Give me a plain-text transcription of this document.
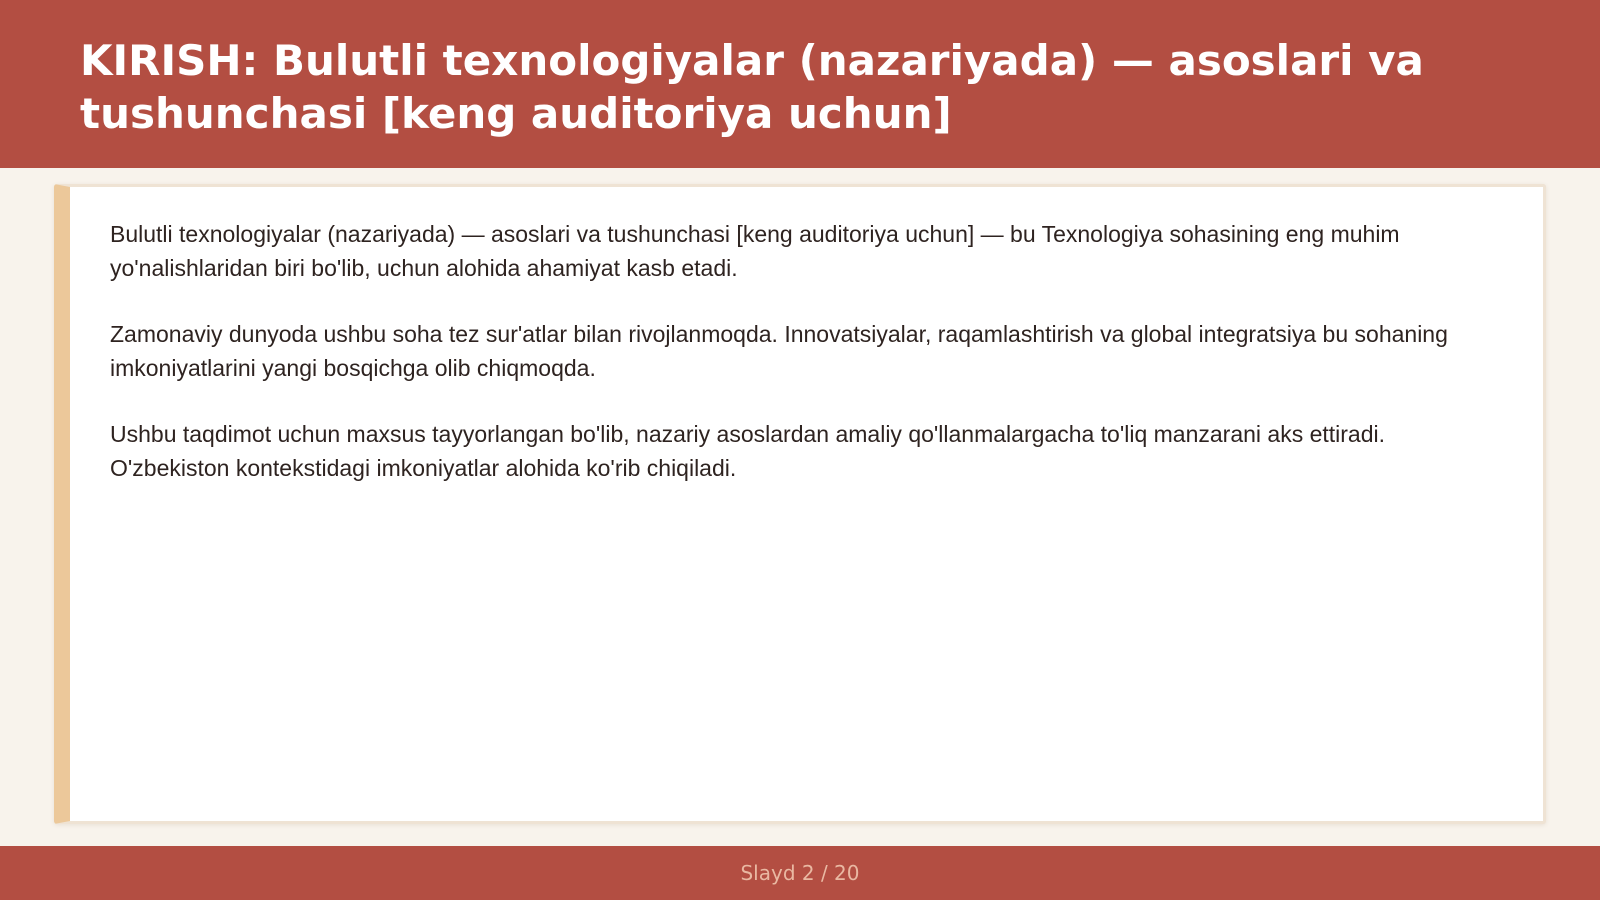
KIRISH: Bulutli texnologiyalar (nazariyada) — asoslari va tushunchasi [keng auditoriya uchun]

Bulutli texnologiyalar (nazariyada) — asoslari va tushunchasi [keng auditoriya uchun] — bu Texnologiya sohasining eng muhim yo'nalishlaridan biri bo'lib, uchun alohida ahamiyat kasb etadi.

Zamonaviy dunyoda ushbu soha tez sur'atlar bilan rivojlanmoqda. Innovatsiyalar, raqamlashtirish va global integratsiya bu sohaning imkoniyatlarini yangi bosqichga olib chiqmoqda.

Ushbu taqdimot uchun maxsus tayyorlangan bo'lib, nazariy asoslardan amaliy qo'llanmalargacha to'liq manzarani aks ettiradi. O'zbekiston kontekstidagi imkoniyatlar alohida ko'rib chiqiladi.

Slayd 2 / 20
